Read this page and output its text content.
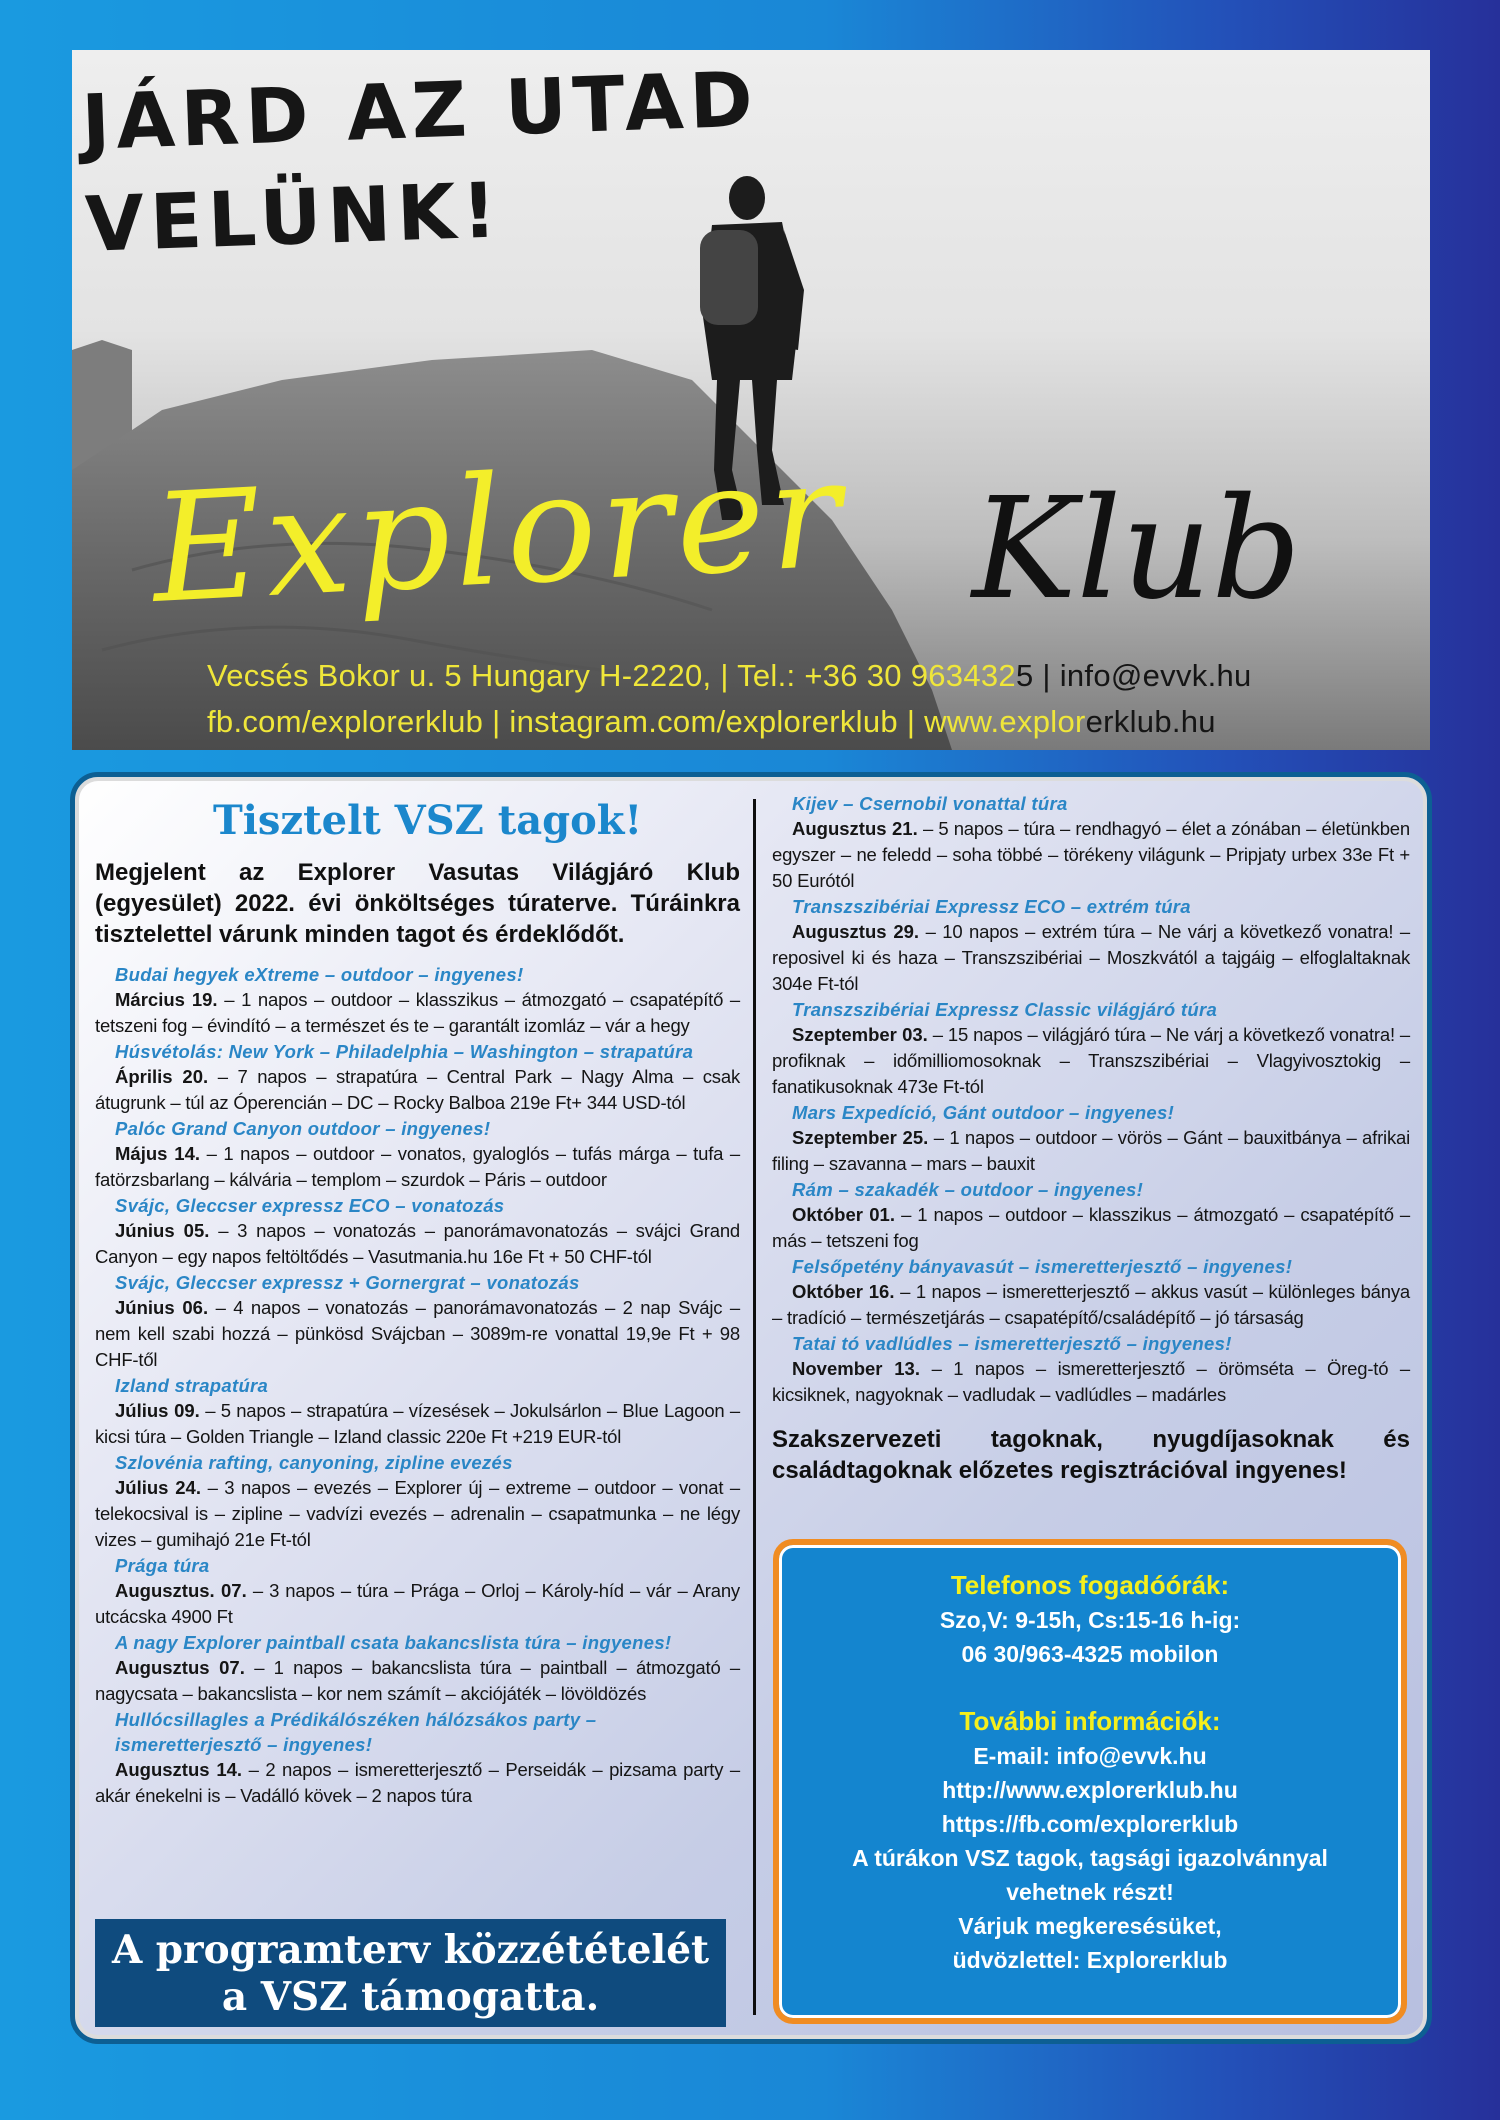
JÁRD AZ UTAD
VELÜNK!
Explorer Klub
Vecsés Bokor u. 5 Hungary H-2220, | Tel.: +36 30 9634325 | info@evvk.hu
fb.com/explorerklub | instagram.com/explorerklub | www.explorerklub.hu
Tisztelt VSZ tagok!
Megjelent az Explorer Vasutas Világjáró Klub (egyesület) 2022. évi önköltséges túraterve. Túráinkra tisztelettel várunk minden tagot és érdeklődőt.
Budai hegyek eXtreme – outdoor – ingyenes!
Március 19. – 1 napos – outdoor – klasszikus – átmozgató – csapatépítő – tetszeni fog – évindító – a természet és te – garantált izomláz – vár a hegy
Húsvétolás: New York – Philadelphia – Washington – strapatúra
Április 20. – 7 napos – strapatúra – Central Park – Nagy Alma – csak átugrunk – túl az Óperencián – DC – Rocky Balboa 219e Ft+ 344 USD-tól
Palóc Grand Canyon outdoor – ingyenes!
Május 14. – 1 napos – outdoor – vonatos, gyaloglós – tufás márga – tufa – fatörzsbarlang – kálvária – templom – szurdok – Páris – outdoor
Svájc, Gleccser expressz ECO – vonatozás
Június 05. – 3 napos – vonatozás – panorámavonatozás – svájci Grand Canyon – egy napos feltöltődés – Vasutmania.hu 16e Ft + 50 CHF-tól
Svájc, Gleccser expressz + Gornergrat – vonatozás
Június 06. – 4 napos – vonatozás – panorámavonatozás – 2 nap Svájc – nem kell szabi hozzá – pünkösd Svájcban – 3089m-re vonattal 19,9e Ft + 98 CHF-től
Izland strapatúra
Július 09. – 5 napos – strapatúra – vízesések – Jokulsárlon – Blue Lagoon – kicsi túra – Golden Triangle – Izland classic 220e Ft +219 EUR-tól
Szlovénia rafting, canyoning, zipline evezés
Július 24. – 3 napos – evezés – Explorer új – extreme – outdoor – vonat – telekocsival is – zipline – vadvízi evezés – adrenalin – csapatmunka – ne légy vizes – gumihajó 21e Ft-tól
Prága túra
Augusztus. 07. – 3 napos – túra – Prága – Orloj – Károly-híd – vár – Arany utcácska 4900 Ft
A nagy Explorer paintball csata bakancslista túra – ingyenes!
Augusztus 07. – 1 napos – bakancslista túra – paintball – átmozgató – nagycsata – bakancslista – kor nem számít – akciójáték – lövöldözés
Hullócsillagles a Prédikálószéken hálózsákos party – ismeretterjesztő – ingyenes!
Augusztus 14. – 2 napos – ismeretterjesztő – Perseidák – pizsama party – akár énekelni is – Vadálló kövek – 2 napos túra
A programterv közzétételét
a VSZ támogatta.
Kijev – Csernobil vonattal túra
Augusztus 21. – 5 napos – túra – rendhagyó – élet a zónában – életünkben egyszer – ne feledd – soha többé – törékeny világunk – Pripjaty urbex 33e Ft + 50 Eurótól
Transzszibériai Expressz ECO – extrém túra
Augusztus 29. – 10 napos – extrém túra – Ne várj a következő vonatra! – reposivel ki és haza – Transzszibériai – Moszkvától a tajgáig – elfoglaltaknak 304e Ft-tól
Transzszibériai Expressz Classic világjáró túra
Szeptember 03. – 15 napos – világjáró túra – Ne várj a következő vonatra! – profiknak – időmilliomosoknak – Transzszibériai – Vlagyivosztokig – fanatikusoknak 473e Ft-tól
Mars Expedíció, Gánt outdoor – ingyenes!
Szeptember 25. – 1 napos – outdoor – vörös – Gánt – bauxitbánya – afrikai filing – szavanna – mars – bauxit
Rám – szakadék – outdoor – ingyenes!
Október 01. – 1 napos – outdoor – klasszikus – átmozgató – csapatépítő – más – tetszeni fog
Felsőpetény bányavasút – ismeretterjesztő – ingyenes!
Október 16. – 1 napos – ismeretterjesztő – akkus vasút – különleges bánya – tradíció – természetjárás – csapatépítő/családépítő – jó társaság
Tatai tó vadlúdles – ismeretterjesztő – ingyenes!
November 13. – 1 napos – ismeretterjesztő – örömséta – Öreg-tó – kicsiknek, nagyoknak – vadludak – vadlúdles – madárles
Szakszervezeti tagoknak, nyugdíjasoknak és családtagoknak előzetes regisztrációval ingyenes!
Telefonos fogadóórák:
Szo,V: 9-15h, Cs:15-16 h-ig:
06 30/963-4325 mobilon
További információk:
E-mail: info@evvk.hu
http://www.explorerklub.hu
https://fb.com/explorerklub
A túrákon VSZ tagok, tagsági igazolvánnyal
vehetnek részt!
Várjuk megkeresésüket,
üdvözlettel: Explorerklub
